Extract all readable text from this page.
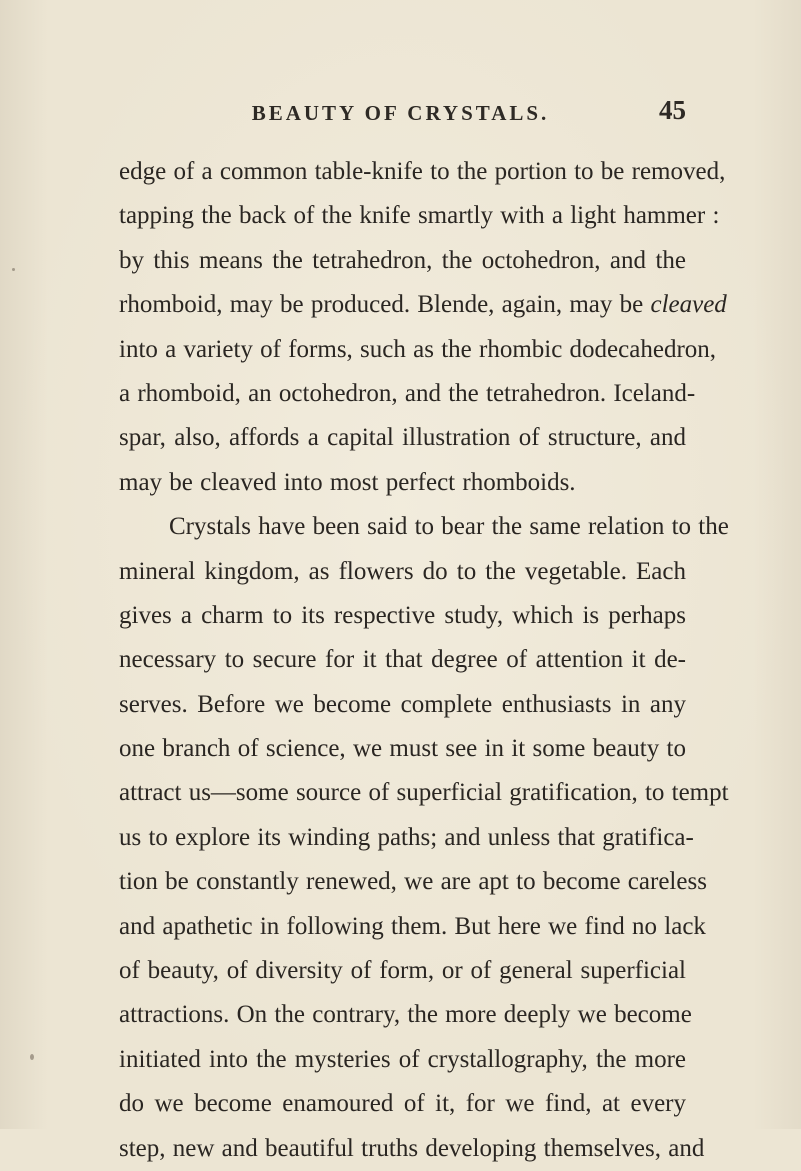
BEAUTY OF CRYSTALS.	45
edge of a common table-knife to the portion to be removed,
tapping the back of the knife smartly with a light hammer :
by this means the tetrahedron, the octohedron, and the
rhomboid, may be produced. Blende, again, may be cleaved
into a variety of forms, such as the rhombic dodecahedron,
a rhomboid, an octohedron, and the tetrahedron. Iceland-
spar, also, affords a capital illustration of structure, and
may be cleaved into most perfect rhomboids.
Crystals have been said to bear the same relation to the
mineral kingdom, as flowers do to the vegetable. Each
gives a charm to its respective study, which is perhaps
necessary to secure for it that degree of attention it de-
serves. Before we become complete enthusiasts in any
one branch of science, we must see in it some beauty to
attract us—some source of superficial gratification, to tempt
us to explore its winding paths; and unless that gratifica-
tion be constantly renewed, we are apt to become careless
and apathetic in following them. But here we find no lack
of beauty, of diversity of form, or of general superficial
attractions. On the contrary, the more deeply we become
initiated into the mysteries of crystallography, the more
do we become enamoured of it, for we find, at every
step, new and beautiful truths developing themselves, and
